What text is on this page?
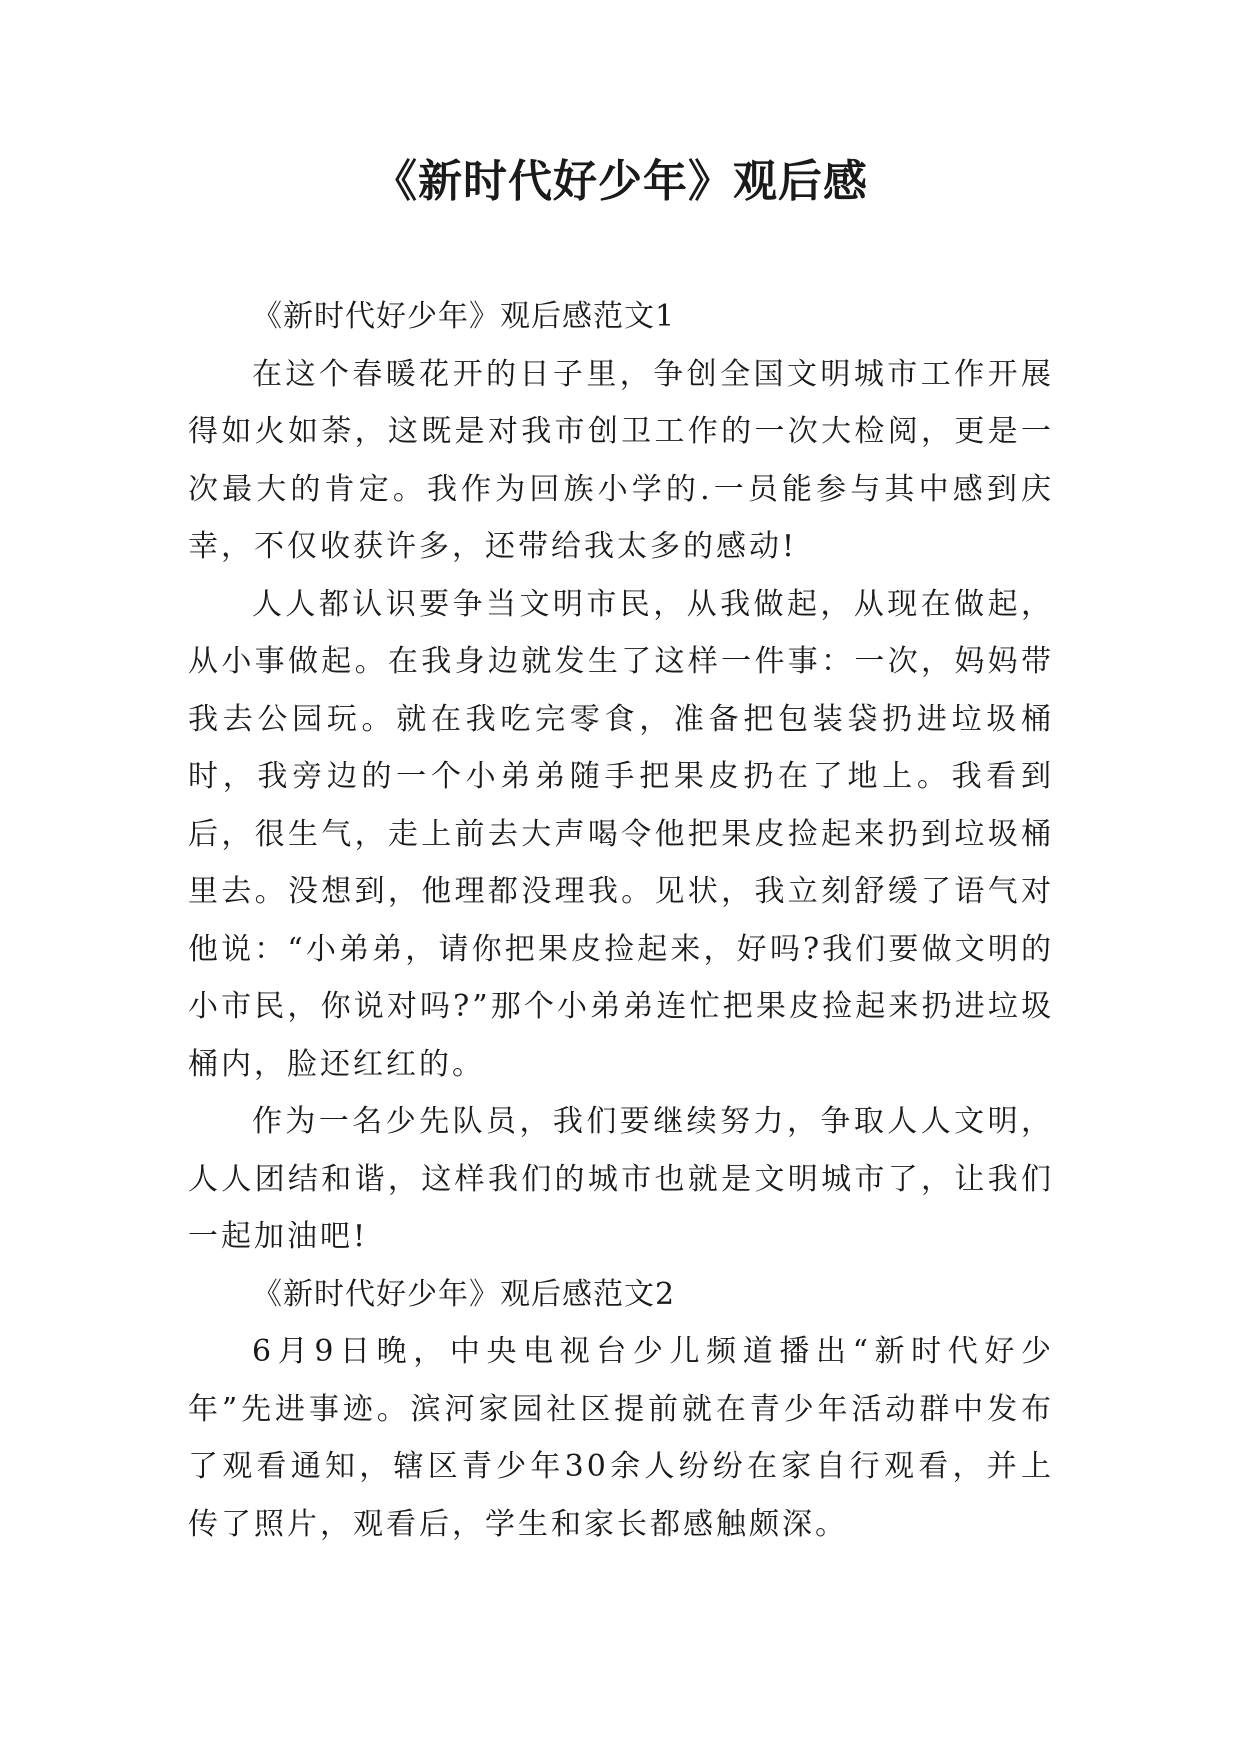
《新时代好少年》观后感

《新时代好少年》观后感范文1

在这个春暖花开的日子里，争创全国文明城市工作开展得如火如荼，这既是对我市创卫工作的一次大检阅，更是一次最大的肯定。我作为回族小学的.一员能参与其中感到庆幸，不仅收获许多，还带给我太多的感动!

人人都认识要争当文明市民，从我做起，从现在做起，从小事做起。在我身边就发生了这样一件事：一次，妈妈带我去公园玩。就在我吃完零食，准备把包装袋扔进垃圾桶时，我旁边的一个小弟弟随手把果皮扔在了地上。我看到后，很生气，走上前去大声喝令他把果皮捡起来扔到垃圾桶里去。没想到，他理都没理我。见状，我立刻舒缓了语气对他说：“小弟弟，请你把果皮捡起来，好吗?我们要做文明的小市民，你说对吗?”那个小弟弟连忙把果皮捡起来扔进垃圾桶内，脸还红红的。

作为一名少先队员，我们要继续努力，争取人人文明，人人团结和谐，这样我们的城市也就是文明城市了，让我们一起加油吧!

《新时代好少年》观后感范文2

6月9日晚，中央电视台少儿频道播出“新时代好少年”先进事迹。滨河家园社区提前就在青少年活动群中发布了观看通知，辖区青少年30余人纷纷在家自行观看，并上传了照片，观看后，学生和家长都感触颇深。
